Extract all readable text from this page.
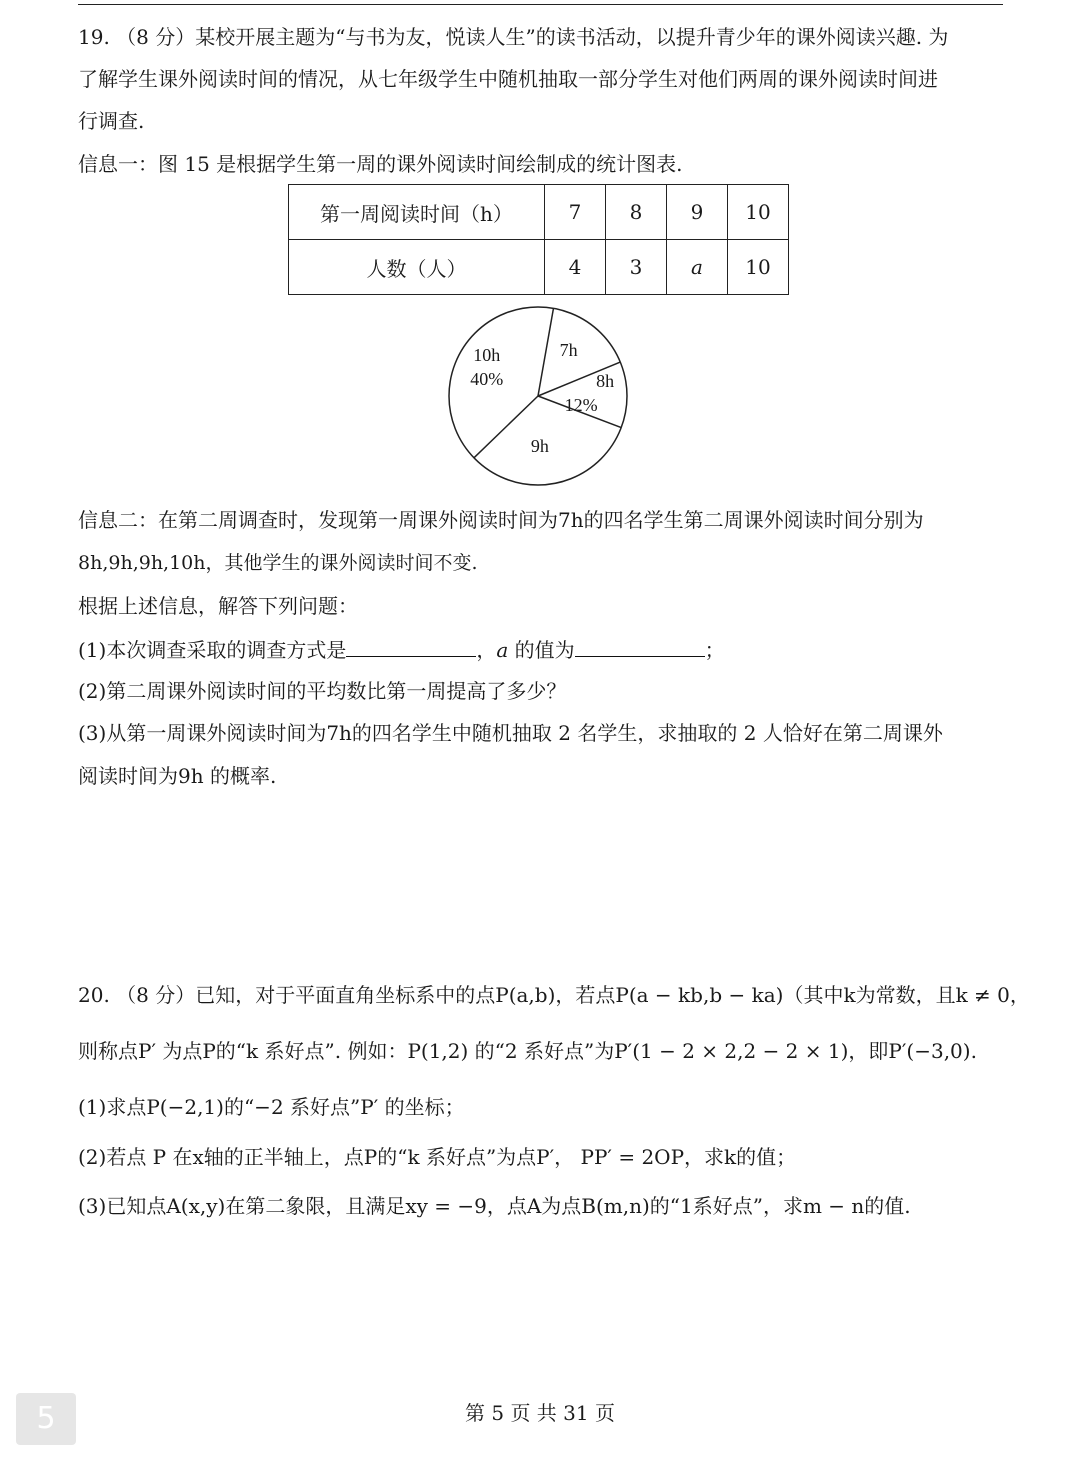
19. （8 分）某校开展主题为“与书为友，悦读人生”的读书活动，以提升青少年的课外阅读兴趣. 为
了解学生课外阅读时间的情况，从七年级学生中随机抽取一部分学生对他们两周的课外阅读时间进
行调查.
信息一：图 15 是根据学生第一周的课外阅读时间绘制成的统计图表.
第一周阅读时间（h）	7	8	9	10
人数（人）	4	3	a	10
7h
8h
12%
9h
10h
40%
信息二：在第二周调查时，发现第一周课外阅读时间为7h的四名学生第二周课外阅读时间分别为
8h,9h,9h,10h，其他学生的课外阅读时间不变.
根据上述信息，解答下列问题：
(1)本次调查采取的调查方式是	，a 的值为	；
(2)第二周课外阅读时间的平均数比第一周提高了多少？
(3)从第一周课外阅读时间为7h的四名学生中随机抽取 2 名学生，求抽取的 2 人恰好在第二周课外
阅读时间为9h 的概率.
20. （8 分）已知，对于平面直角坐标系中的点P(a,b)，若点P(a − kb,b − ka)（其中k为常数，且k ≠ 0，
则称点P′ 为点P的“k 系好点”. 例如：P(1,2) 的“2 系好点”为P′(1 − 2 × 2,2 − 2 × 1)，即P′(−3,0).
(1)求点P(−2,1)的“−2 系好点”P′ 的坐标；
(2)若点 P 在x轴的正半轴上，点P的“k 系好点”为点P′， PP′ = 2OP，求k的值；
(3)已知点A(x,y)在第二象限，且满足xy = −9，点A为点B(m,n)的“1系好点”，求m − n的值.
第 5 页 共 31 页
5
